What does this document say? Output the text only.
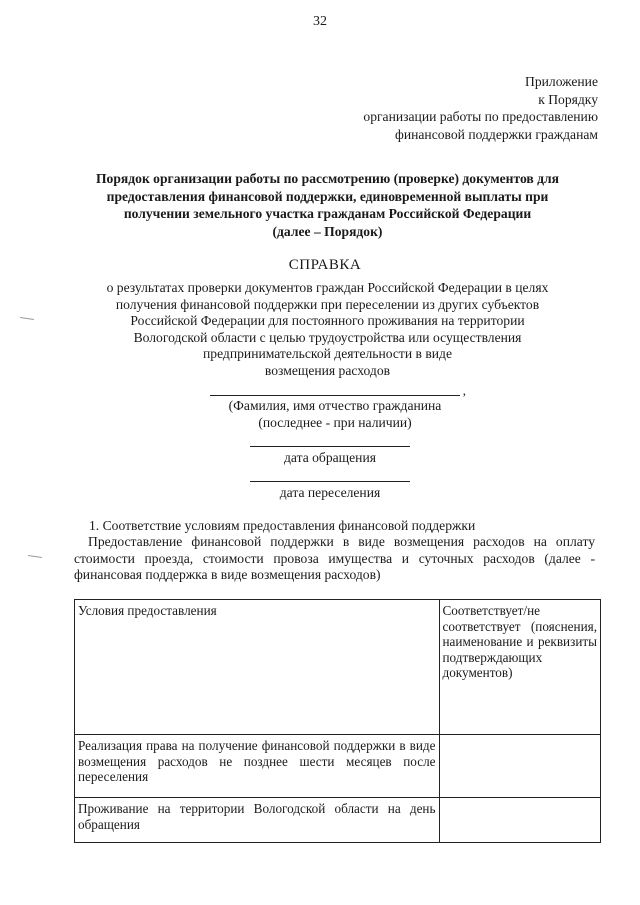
32
Приложение
к Порядку
организации работы по предоставлению
финансовой поддержки гражданам
Порядок организации работы по рассмотрению (проверке) документов для
предоставления финансовой поддержки, единовременной выплаты при
получении земельного участка гражданам Российской Федерации
(далее – Порядок)
СПРАВКА
о результатах проверки документов граждан Российской Федерации в целях
получения финансовой поддержки при переселении из других субъектов
Российской Федерации для постоянного проживания на территории
Вологодской области с целью трудоустройства или осуществления
предпринимательской деятельности в виде
возмещения расходов
,
(Фамилия, имя отчество гражданина
(последнее - при наличии)
дата обращения
дата переселения
1. Соответствие условиям предоставления финансовой поддержки
Предоставление финансовой поддержки в виде возмещения расходов на оплату стоимости проезда, стоимости провоза имущества и суточных расходов (далее - финансовая поддержка в виде возмещения расходов)
Условия предоставления	Соответствует/не соответствует (пояснения, наименование и реквизиты подтверждающих документов)
Реализация права на получение финансовой поддержки в виде возмещения расходов не позднее шести месяцев после переселения	
Проживание на территории Вологодской области на день обращения	
